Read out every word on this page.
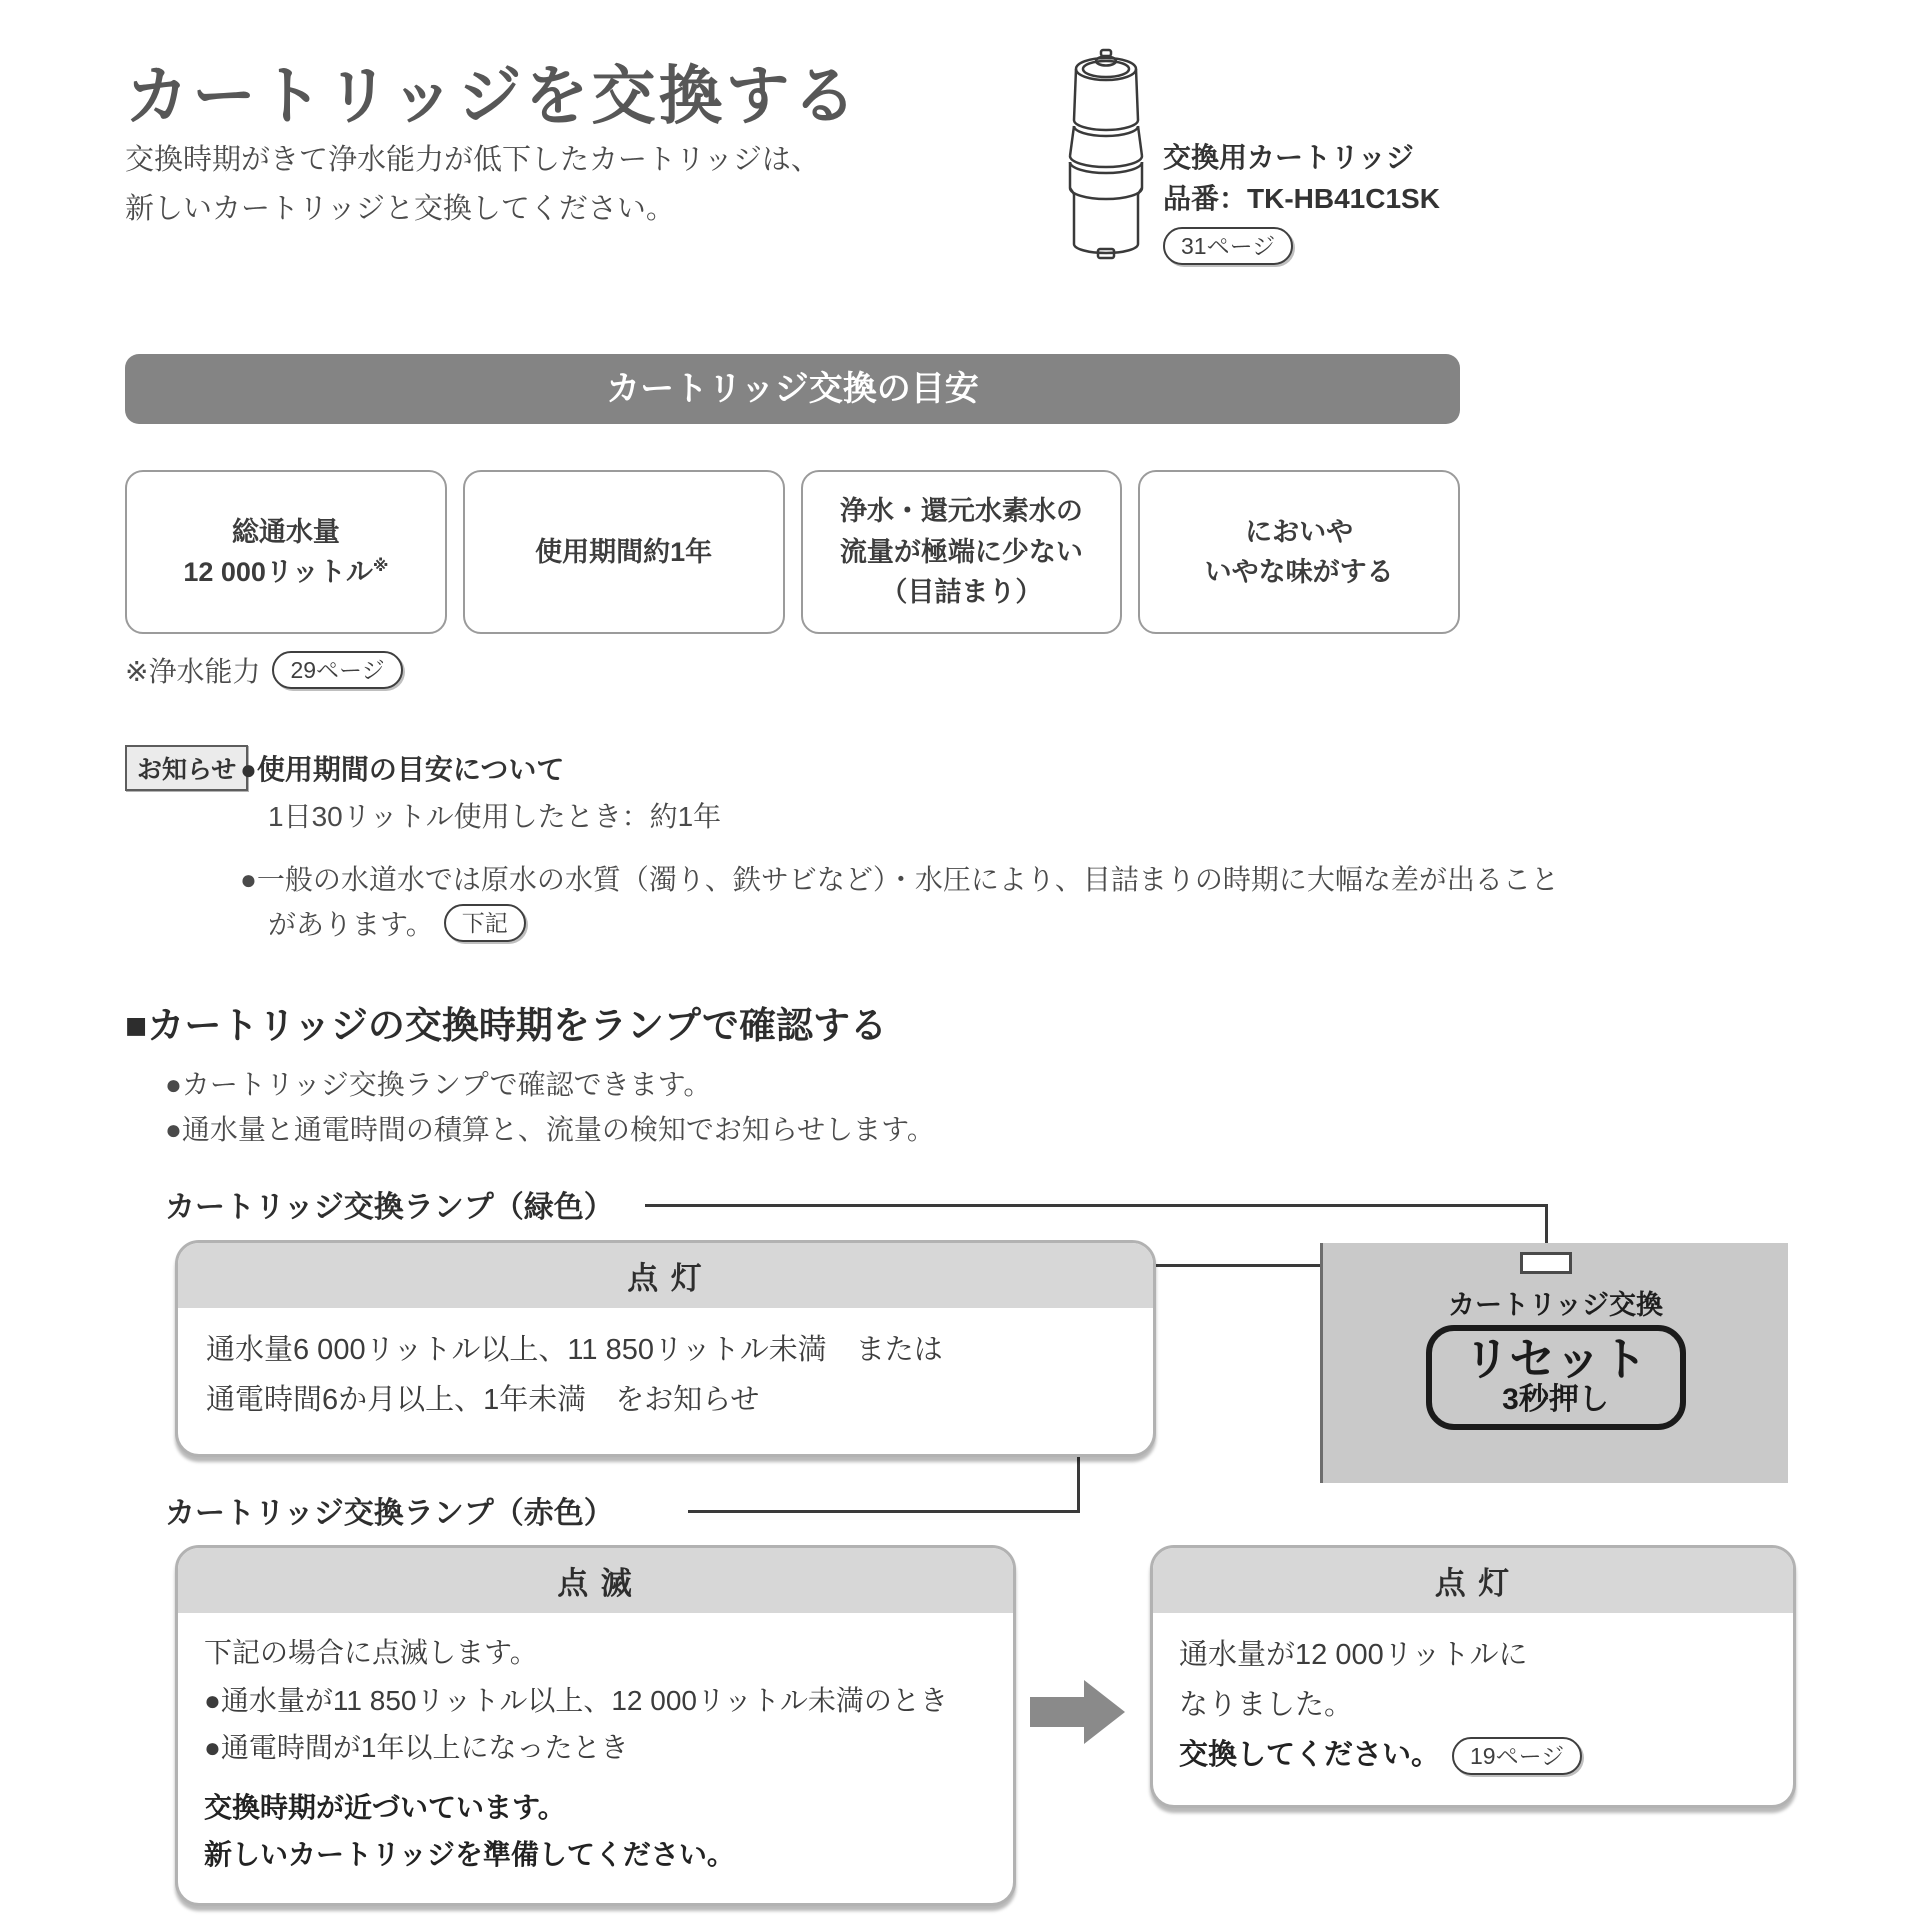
カートリッジを交換する
交換時期がきて浄水能力が低下したカートリッジは、
新しいカートリッジと交換してください。
交換用カートリッジ
品番：TK-HB41C1SK
31ページ
カートリッジ交換の目安
総通水量
12 000リットル※	使用期間約1年
浄水・還元水素水の
流量が極端に少ない
（目詰まり）
においや
いやな味がする
※浄水能力	29ページ
お知らせ ●使用期間の目安について
1日30リットル使用したとき：約1年
●一般の水道水では原水の水質（濁り、鉄サビなど）・水圧により、目詰まりの時期に大幅な差が出ること
があります。	下記
■カートリッジの交換時期をランプで確認する
●カートリッジ交換ランプで確認できます。
●通水量と通電時間の積算と、流量の検知でお知らせします。
カートリッジ交換ランプ（緑色）
点 灯
通水量6 000リットル以上、11 850リットル未満　または
通電時間6か月以上、1年未満　をお知らせ
カートリッジ交換
リセット
3秒押し
カートリッジ交換ランプ（赤色）
点 滅
下記の場合に点滅します。
●通水量が11 850リットル以上、12 000リットル未満のとき
●通電時間が1年以上になったとき
交換時期が近づいています。
新しいカートリッジを準備してください。
点 灯
通水量が12 000リットルに
なりました。
交換してください。	19ページ
